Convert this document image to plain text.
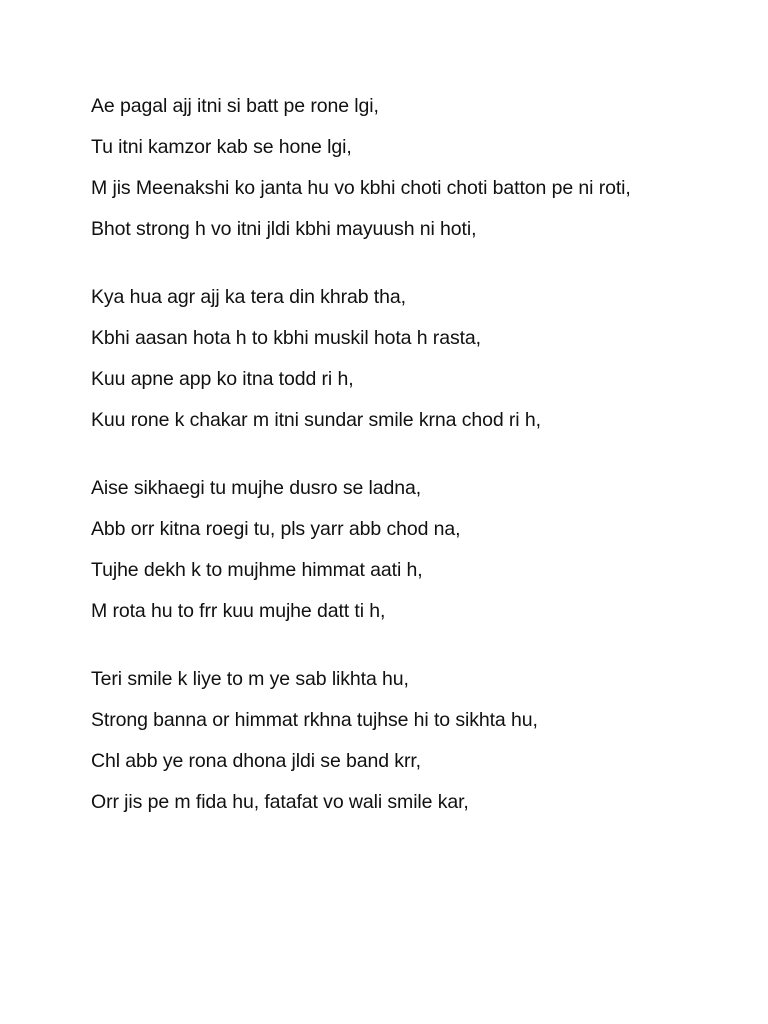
Ae pagal ajj itni si batt pe rone lgi,

Tu itni kamzor kab se hone lgi,

M jis Meenakshi ko janta hu vo kbhi choti choti batton pe ni roti,

Bhot strong h vo itni jldi kbhi mayuush ni hoti,

Kya hua agr ajj ka tera din khrab tha,

Kbhi aasan hota h to kbhi muskil hota h rasta,

Kuu apne app ko itna todd ri h,

Kuu rone k chakar m itni sundar smile krna chod ri h,

Aise sikhaegi tu mujhe dusro se ladna,

Abb orr kitna roegi tu, pls yarr abb chod na,

Tujhe dekh k to mujhme himmat aati h,

M rota hu to frr kuu mujhe datt ti h,

Teri smile k liye to m ye sab likhta hu,

Strong banna or himmat rkhna tujhse hi to sikhta hu,

Chl abb ye rona dhona jldi se band krr,

Orr jis pe m fida hu, fatafat vo wali smile kar,
